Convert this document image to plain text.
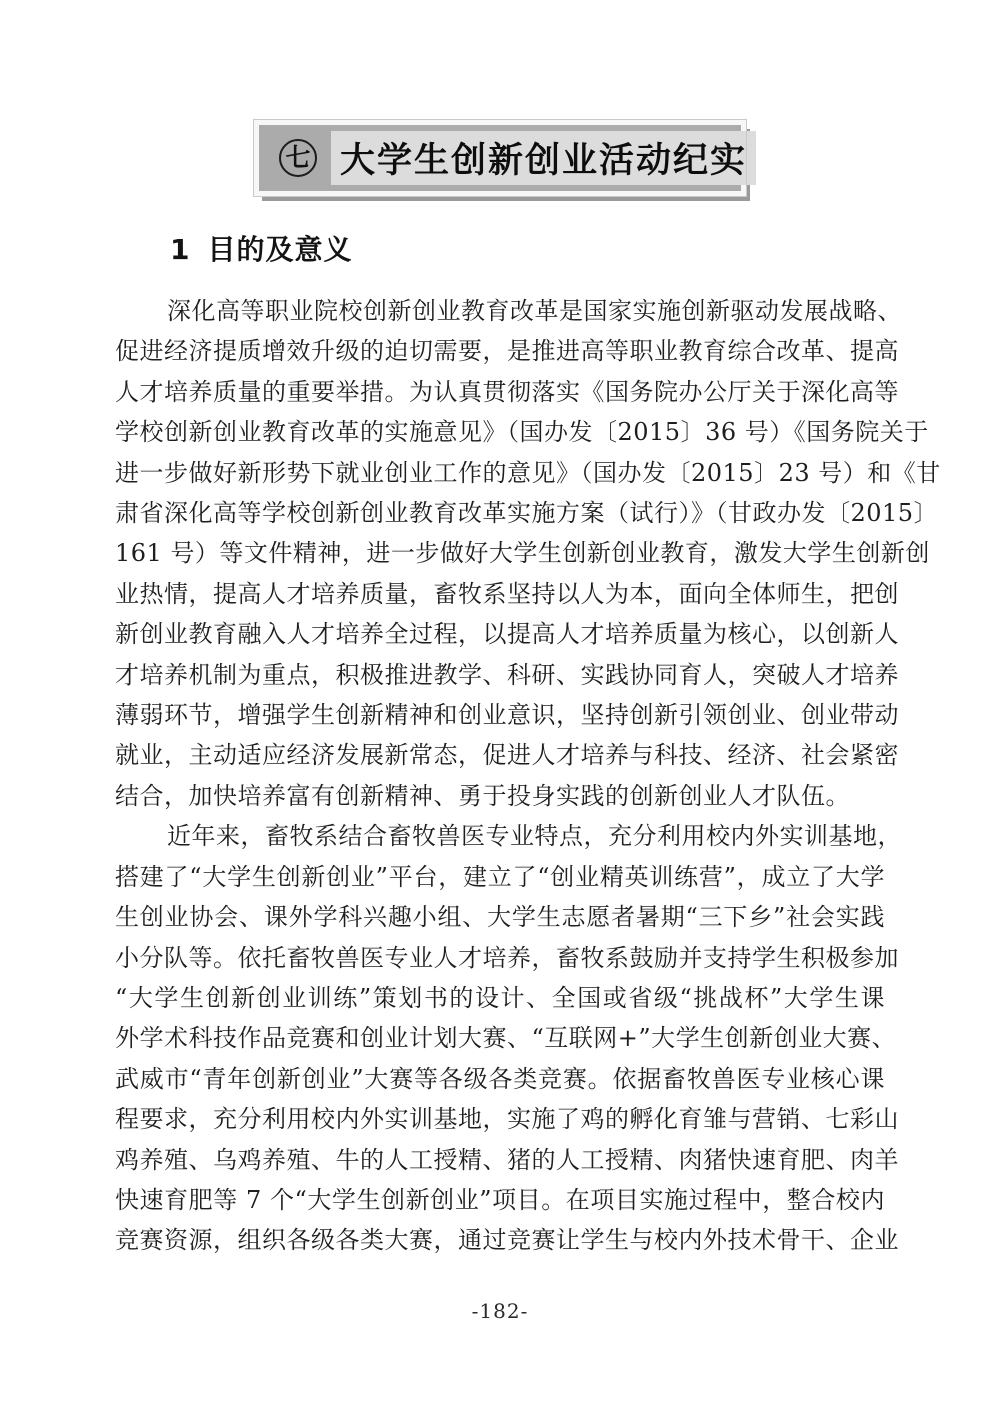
七 大学生创新创业活动纪实
1 目的及意义
深化高等职业院校创新创业教育改革是国家实施创新驱动发展战略、
促进经济提质增效升级的迫切需要，是推进高等职业教育综合改革、提高
人才培养质量的重要举措。为认真贯彻落实《国务院办公厅关于深化高等
学校创新创业教育改革的实施意见》（国办发〔2015〕36 号）《国务院关于
进一步做好新形势下就业创业工作的意见》（国办发〔2015〕23 号）和《甘
肃省深化高等学校创新创业教育改革实施方案（试行）》（甘政办发〔2015〕
161 号）等文件精神，进一步做好大学生创新创业教育，激发大学生创新创
业热情，提高人才培养质量，畜牧系坚持以人为本，面向全体师生，把创
新创业教育融入人才培养全过程，以提高人才培养质量为核心，以创新人
才培养机制为重点，积极推进教学、科研、实践协同育人，突破人才培养
薄弱环节，增强学生创新精神和创业意识，坚持创新引领创业、创业带动
就业，主动适应经济发展新常态，促进人才培养与科技、经济、社会紧密
结合，加快培养富有创新精神、勇于投身实践的创新创业人才队伍。
近年来，畜牧系结合畜牧兽医专业特点，充分利用校内外实训基地，
搭建了“大学生创新创业”平台，建立了“创业精英训练营”，成立了大学
生创业协会、课外学科兴趣小组、大学生志愿者暑期“三下乡”社会实践
小分队等。依托畜牧兽医专业人才培养，畜牧系鼓励并支持学生积极参加
“大学生创新创业训练”策划书的设计、全国或省级“挑战杯”大学生课
外学术科技作品竞赛和创业计划大赛、“互联网+”大学生创新创业大赛、
武威市“青年创新创业”大赛等各级各类竞赛。依据畜牧兽医专业核心课
程要求，充分利用校内外实训基地，实施了鸡的孵化育雏与营销、七彩山
鸡养殖、乌鸡养殖、牛的人工授精、猪的人工授精、肉猪快速育肥、肉羊
快速育肥等 7 个“大学生创新创业”项目。在项目实施过程中，整合校内
竞赛资源，组织各级各类大赛，通过竞赛让学生与校内外技术骨干、企业
-182-
